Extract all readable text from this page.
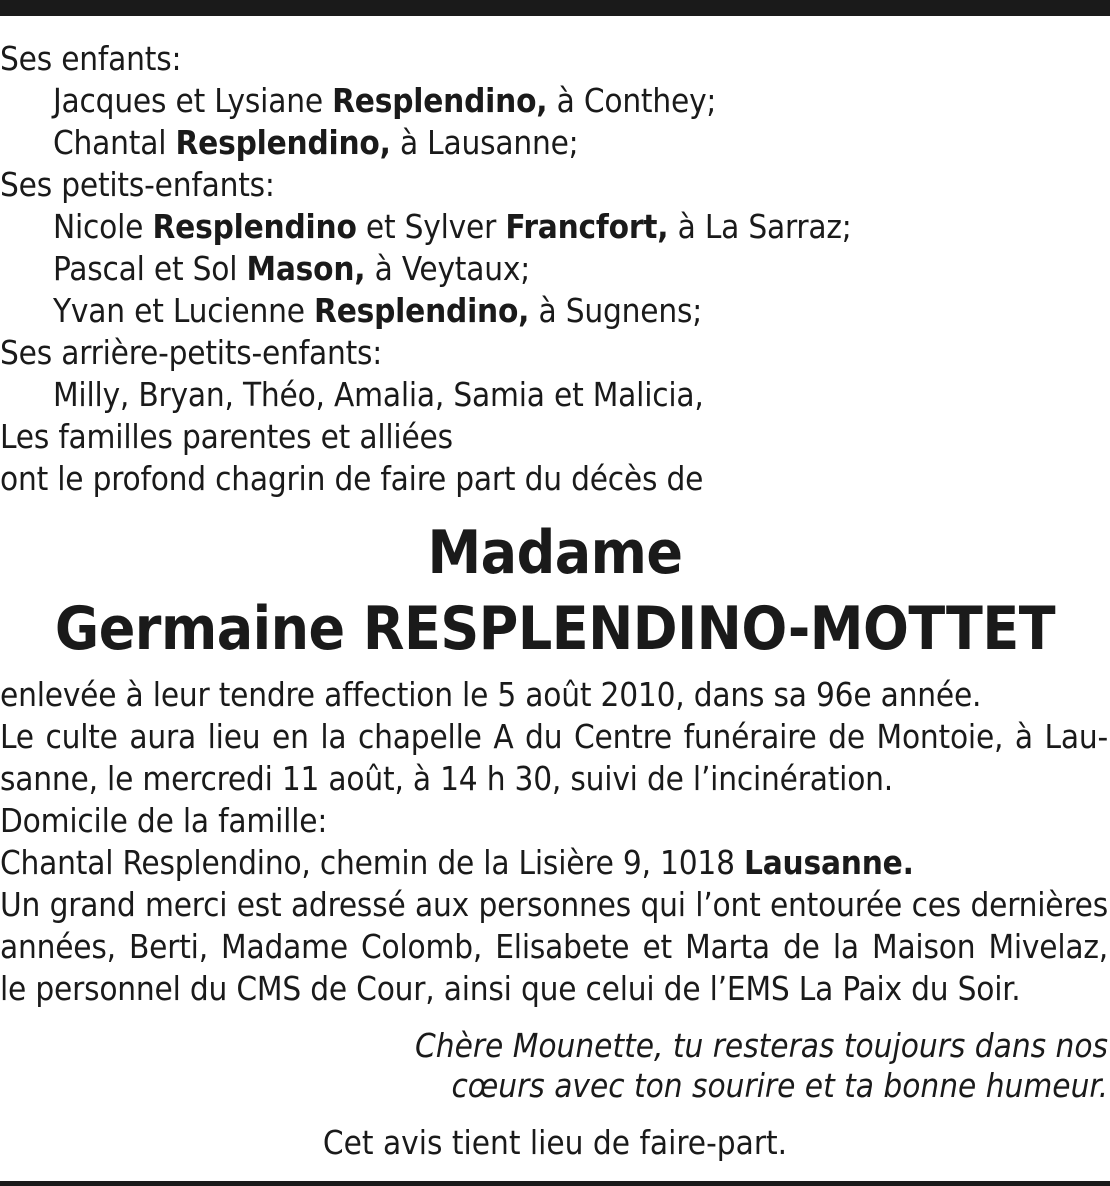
Ses enfants:
Jacques et Lysiane Resplendino, à Conthey;
Chantal Resplendino, à Lausanne;
Ses petits-enfants:
Nicole Resplendino et Sylver Francfort, à La Sarraz;
Pascal et Sol Mason, à Veytaux;
Yvan et Lucienne Resplendino, à Sugnens;
Ses arrière-petits-enfants:
Milly, Bryan, Théo, Amalia, Samia et Malicia,
Les familles parentes et alliées
ont le profond chagrin de faire part du décès de
Madame
Germaine RESPLENDINO-MOTTET
enlevée à leur tendre affection le 5 août 2010, dans sa 96e année.
Le culte aura lieu en la chapelle A du Centre funéraire de Montoie, à Lau-
sanne, le mercredi 11 août, à 14 h 30, suivi de l’incinération.
Domicile de la famille:
Chantal Resplendino, chemin de la Lisière 9, 1018 Lausanne.
Un grand merci est adressé aux personnes qui l’ont entourée ces dernières
années, Berti, Madame Colomb, Elisabete et Marta de la Maison Mivelaz,
le personnel du CMS de Cour, ainsi que celui de l’EMS La Paix du Soir.
Chère Mounette, tu resteras toujours dans nos
cœurs avec ton sourire et ta bonne humeur.
Cet avis tient lieu de faire-part.
